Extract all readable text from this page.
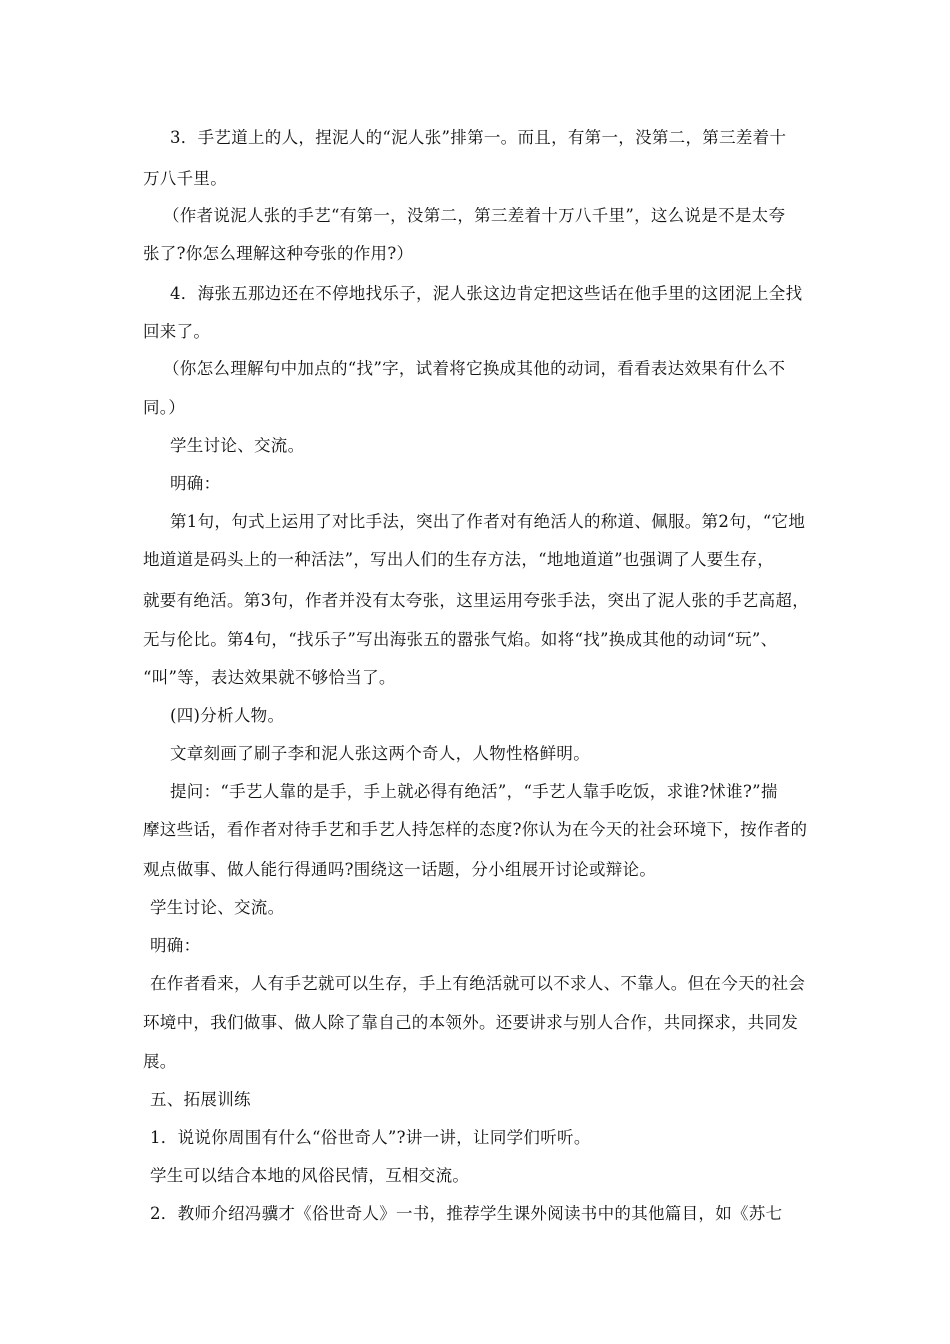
3．手艺道上的人，捏泥人的“泥人张”排第一。而且，有第一，没第二，第三差着十
万八千里。
（作者说泥人张的手艺“有第一，没第二，第三差着十万八千里”，这么说是不是太夸
张了?你怎么理解这种夸张的作用?）
4．海张五那边还在不停地找乐子，泥人张这边肯定把这些话在他手里的这团泥上全找
回来了。
（你怎么理解句中加点的“找”字，试着将它换成其他的动词，看看表达效果有什么不
同。）
学生讨论、交流。
明确：
第1句，句式上运用了对比手法，突出了作者对有绝活人的称道、佩服。第2句，“它地
地道道是码头上的一种活法”，写出人们的生存方法，“地地道道”也强调了人要生存，
就要有绝活。第3句，作者并没有太夸张，这里运用夸张手法，突出了泥人张的手艺高超，
无与伦比。第4句，“找乐子”写出海张五的嚣张气焰。如将“找”换成其他的动词“玩”、
“叫”等，表达效果就不够恰当了。
(四)分析人物。
文章刻画了刷子李和泥人张这两个奇人，人物性格鲜明。
提问：“手艺人靠的是手，手上就必得有绝活”，“手艺人靠手吃饭，求谁?怵谁?”揣
摩这些话，看作者对待手艺和手艺人持怎样的态度?你认为在今天的社会环境下，按作者的
观点做事、做人能行得通吗?围绕这一话题，分小组展开讨论或辩论。
学生讨论、交流。
明确：
在作者看来，人有手艺就可以生存，手上有绝活就可以不求人、不靠人。但在今天的社会
环境中，我们做事、做人除了靠自己的本领外。还要讲求与别人合作，共同探求，共同发
展。
五、拓展训练
1．说说你周围有什么“俗世奇人”?讲一讲，让同学们听听。
学生可以结合本地的风俗民情，互相交流。
2．教师介绍冯骥才《俗世奇人》一书，推荐学生课外阅读书中的其他篇目，如《苏七
